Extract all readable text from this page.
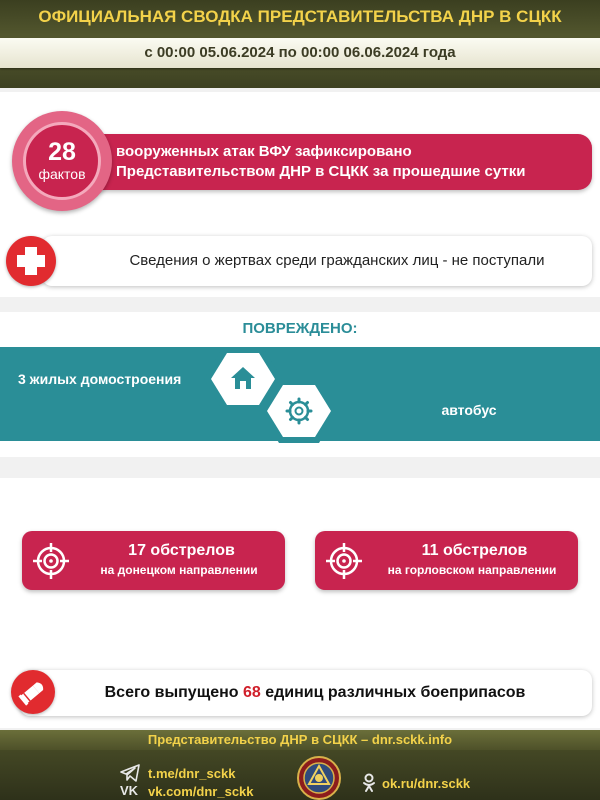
ОФИЦИАЛЬНАЯ СВОДКА ПРЕДСТАВИТЕЛЬСТВА ДНР В СЦКК
с 00:00 05.06.2024 по 00:00 06.06.2024 года
вооруженных атак ВФУ зафиксировано
Представительством ДНР в СЦКК за прошедшие сутки
28
фактов
Сведения о жертвах среди гражданских лиц - не поступали
ПОВРЕЖДЕНО:
3 жилых домостроения
автобус
17 обстрелов
на донецком направлении
11 обстрелов
на горловском направлении
Всего выпущено 68 единиц различных боеприпасов
Представительство ДНР в СЦКК – dnr.sckk.info
t.me/dnr_sckk
VK vk.com/dnr_sckk
ok.ru/dnr.sckk
